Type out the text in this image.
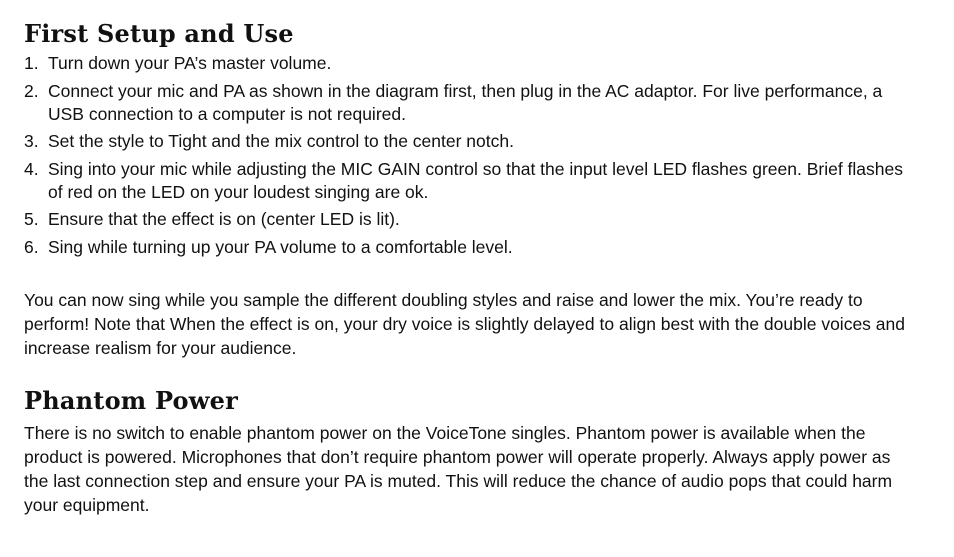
First Setup and Use
1. Turn down your PA’s master volume.
2. Connect your mic and PA as shown in the diagram first, then plug in the AC adaptor. For live performance, a USB connection to a computer is not required.
3. Set the style to Tight and the mix control to the center notch.
4. Sing into your mic while adjusting the MIC GAIN control so that the input level LED flashes green. Brief flashes of red on the LED on your loudest singing are ok.
5. Ensure that the effect is on (center LED is lit).
6. Sing while turning up your PA volume to a comfortable level.

You can now sing while you sample the different doubling styles and raise and lower the mix. You’re ready to perform! Note that When the effect is on, your dry voice is slightly delayed to align best with the double voices and increase realism for your audience.

Phantom Power

There is no switch to enable phantom power on the VoiceTone singles. Phantom power is available when the product is powered. Microphones that don’t require phantom power will operate properly. Always apply power as the last connection step and ensure your PA is muted. This will reduce the chance of audio pops that could harm your equipment.
